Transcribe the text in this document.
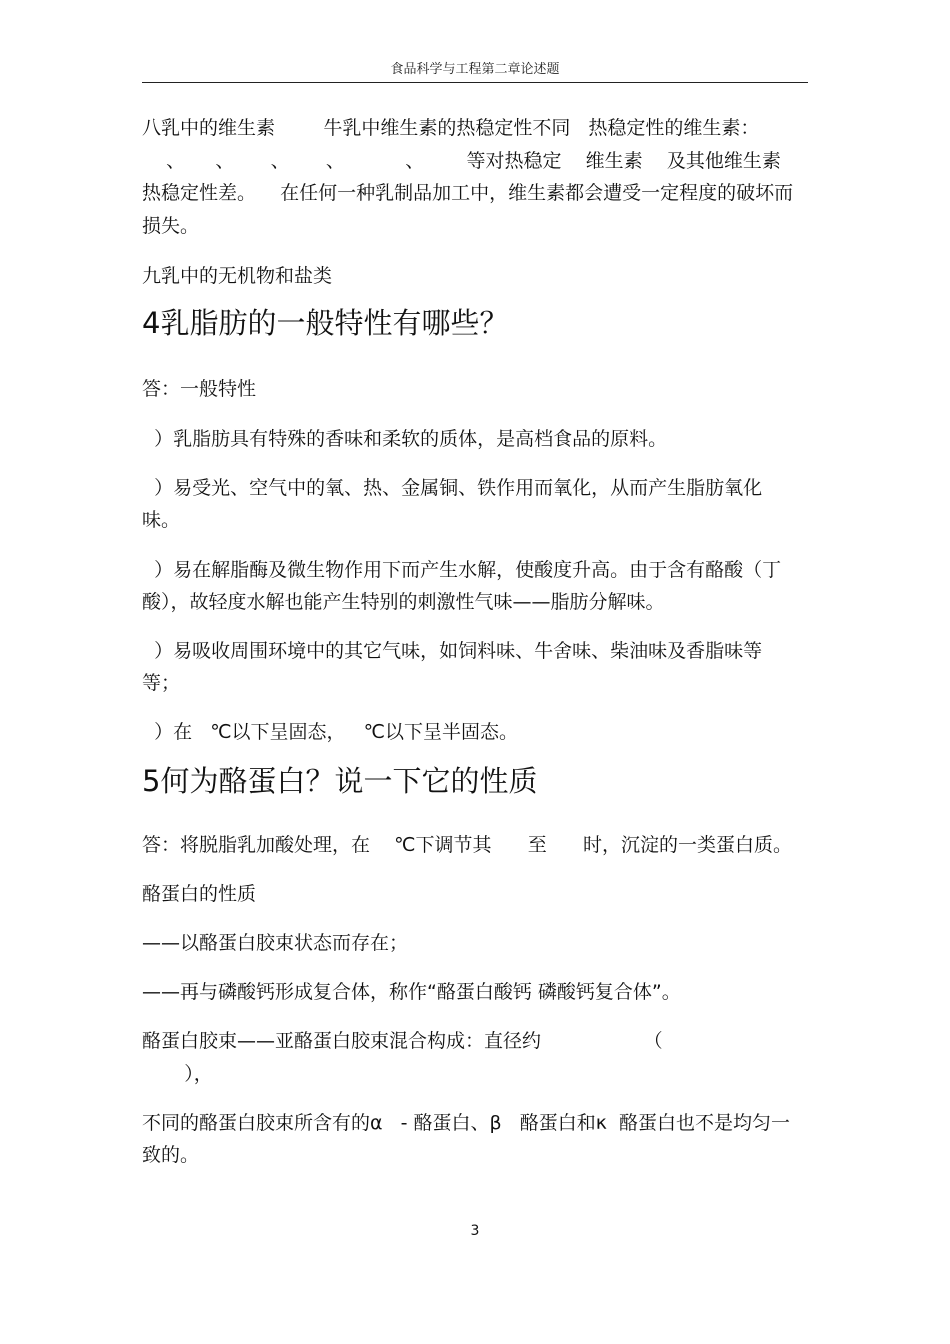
食品科学与工程第二章论述题
八乳中的维生素        牛乳中维生素的热稳定性不同   热稳定性的维生素：
、     、      、      、          、       等对热稳定    维生素    及其他维生素
热稳定性差。    在任何一种乳制品加工中，维生素都会遭受一定程度的破坏而
损失。
九乳中的无机物和盐类
4乳脂肪的一般特性有哪些？
答：一般特性
）乳脂肪具有特殊的香味和柔软的质体，是高档食品的原料。
）易受光、空气中的氧、热、金属铜、铁作用而氧化，从而产生脂肪氧化
味。
）易在解脂酶及微生物作用下而产生水解，使酸度升高。由于含有酪酸（丁
酸），故轻度水解也能产生特别的刺激性气味——脂肪分解味。
）易吸收周围环境中的其它气味，如饲料味、牛舍味、柴油味及香脂味等
等；
）在   ℃以下呈固态，   ℃以下呈半固态。
5何为酪蛋白？说一下它的性质
答：将脱脂乳加酸处理，在    ℃下调节其      至      时，沉淀的一类蛋白质。
酪蛋白的性质
——以酪蛋白胶束状态而存在；
——再与磷酸钙形成复合体，称作“酪蛋白酸钙 磷酸钙复合体”。
酪蛋白胶束——亚酪蛋白胶束混合构成：直径约                 （
），
不同的酪蛋白胶束所含有的α   - 酪蛋白、β   酪蛋白和κ  酪蛋白也不是均匀一
致的。
3
